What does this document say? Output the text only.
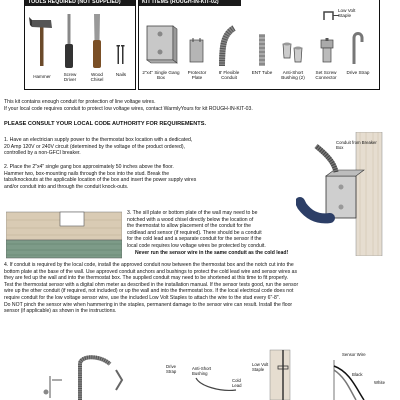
TOOLS REQUIRED (NOT SUPPLIED)
Hammer	Screw Driver
Wood Chisel
Nails
KIT ITEMS (ROUGH-IN-KIT-02)
2"x4" Single Gang Box
Protector Plate
8' Flexible Conduit
ENT Tube	Anti-Short Bushing (2)
Set Screw Connector
Drive Strap
Low Volt Staple
This kit contains enough conduit for protection of line voltage wires.
If your local code requires conduit to protect low voltage wires, contact WarmlyYours for kit ROUGH-IN-KIT-03.
PLEASE CONSULT YOUR LOCAL CODE AUTHORITY FOR REQUIREMENTS.
1. Have an electrician supply power to the thermostat box location with a dedicated,
20 Amp 120V or 240V circuit (determined by the voltage of the product ordered),
controlled by a non-GFCI breaker.
2. Place the 2"x4" single gang box approximately 50 inches above the floor.
Hammer two, box-mounting nails through the box into the stud. Break the
tabs/knockouts at the applicable location of the box and insert the power supply wires
and/or conduit into and through the conduit knock-outs.
Conduit from Breaker Box
3. The sill plate or bottom plate of the wall may need to be
notched with a wood chisel directly below the location of
the thermostat to allow placement of the conduit for the
coldlead and sensor (if required). There should be a conduit
for the cold lead and a separate conduit for the sensor if the
local code requires low voltage wires be protected by conduit.
Never run the sensor wire in the same conduit as the cold lead!
4. If conduit is required by the local code, install the approved conduit now between the thermostat box and the notch cut into the
bottom plate at the base of the wall. Use approved conduit anchors and bushings to protect the cold lead wire and sensor wires as
they are fed up the wall and into the thermostat box. The supplied conduit may need to be shortened at this time to fit properly.
Test the thermostat sensor with a digital ohm meter as described in the installation manual. If the sensor tests good, run the sensor
wire up the other conduit (if required, not included) or up the wall and into the thermostat box. If the local electrical code does not
require conduit for the low voltage sensor wire, use the included Low Volt Staples to attach the wire to the stud every 6"-8".
Do NOT pinch the sensor wire when hammering in the staples, permanent damage to the sensor wire can result. Install the floor
sensor (if applicable) as shown in the instructions.
Drive Strap
Anti-Short Bushing
Cold Lead
Low Volt Staple
Sensor Wire
Black
White
